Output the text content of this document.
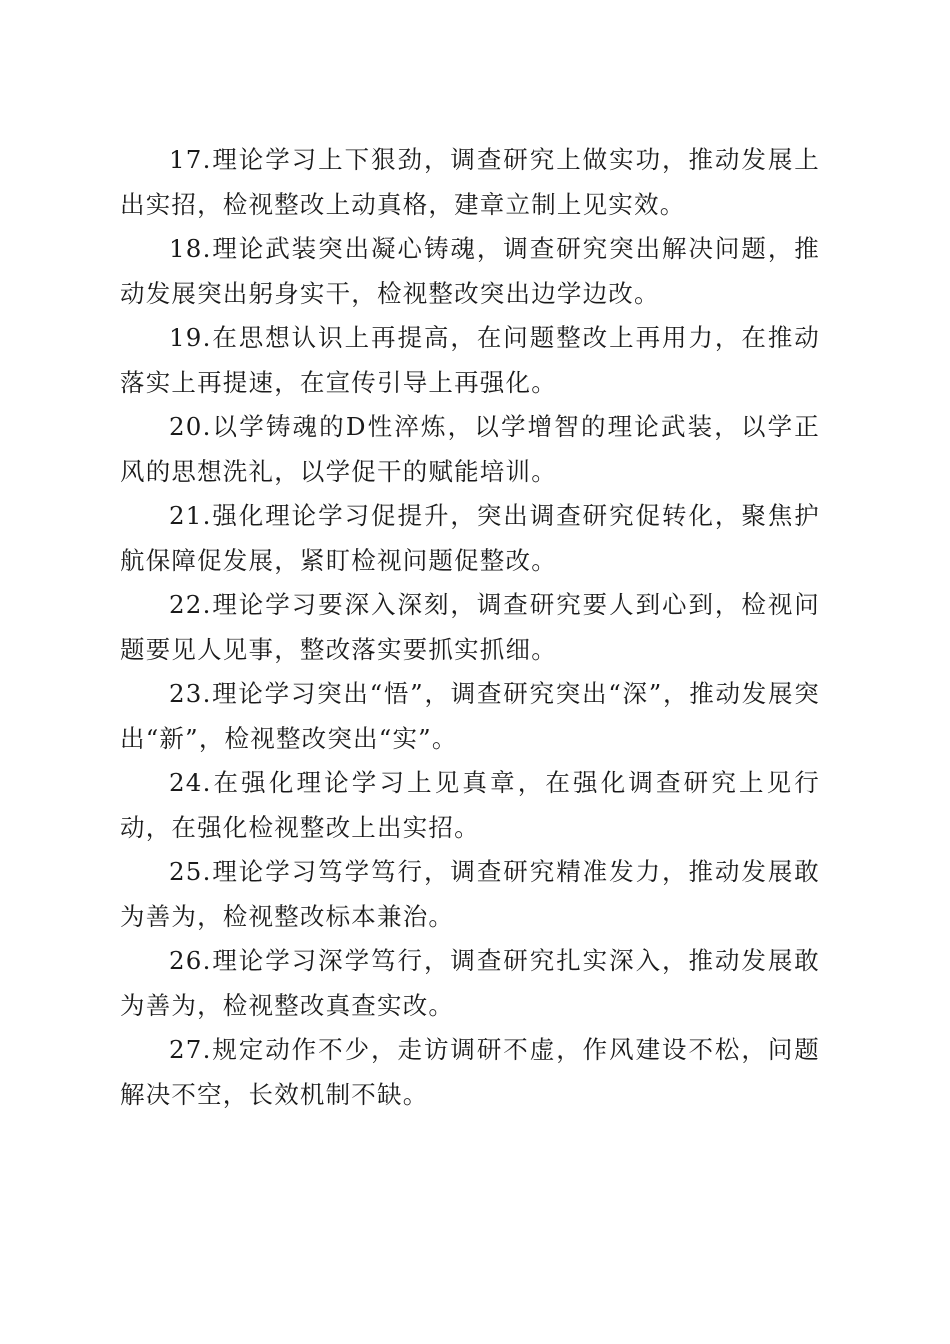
17.理论学习上下狠劲，调查研究上做实功，推动发展上出实招，检视整改上动真格，建章立制上见实效。

18.理论武装突出凝心铸魂，调查研究突出解决问题，推动发展突出躬身实干，检视整改突出边学边改。

19.在思想认识上再提高，在问题整改上再用力，在推动落实上再提速，在宣传引导上再强化。

20.以学铸魂的D性淬炼，以学增智的理论武装，以学正风的思想洗礼，以学促干的赋能培训。

21.强化理论学习促提升，突出调查研究促转化，聚焦护航保障促发展，紧盯检视问题促整改。

22.理论学习要深入深刻，调查研究要人到心到，检视问题要见人见事，整改落实要抓实抓细。

23.理论学习突出“悟”，调查研究突出“深”，推动发展突出“新”，检视整改突出“实”。

24.在强化理论学习上见真章，在强化调查研究上见行动，在强化检视整改上出实招。

25.理论学习笃学笃行，调查研究精准发力，推动发展敢为善为，检视整改标本兼治。

26.理论学习深学笃行，调查研究扎实深入，推动发展敢为善为，检视整改真查实改。

27.规定动作不少，走访调研不虚，作风建设不松，问题解决不空，长效机制不缺。
